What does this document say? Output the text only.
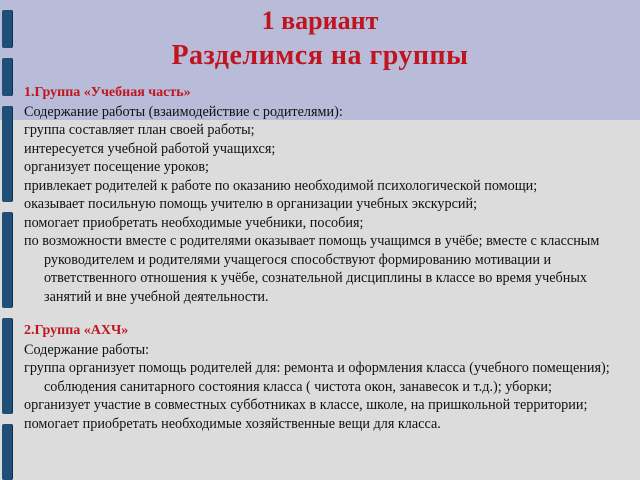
1 вариант
Разделимся на группы
1.Группа «Учебная часть»

Содержание работы (взаимодействие с родителями):

группа составляет план своей работы;

интересуется учебной работой учащихся;

организует посещение уроков;

привлекает родителей к работе по оказанию необходимой психологической помощи;

оказывает посильную помощь учителю в организации учебных экскурсий;

помогает приобретать необходимые учебники, пособия;

по возможности вместе с родителями оказывает помощь учащимся в учёбе; вместе с классным руководителем и родителями учащегося способствуют формированию мотивации и ответственного отношения к учёбе, сознательной дисциплины в классе во время учебных занятий и вне учебной деятельности.

2.Группа «АХЧ»

Содержание работы:

группа организует помощь родителей для: ремонта и оформления класса (учебного помещения); соблюдения санитарного состояния класса ( чистота окон, занавесок и т.д.); уборки;

организует участие в совместных субботниках в классе, школе, на пришкольной территории;

помогает приобретать необходимые хозяйственные вещи для класса.
